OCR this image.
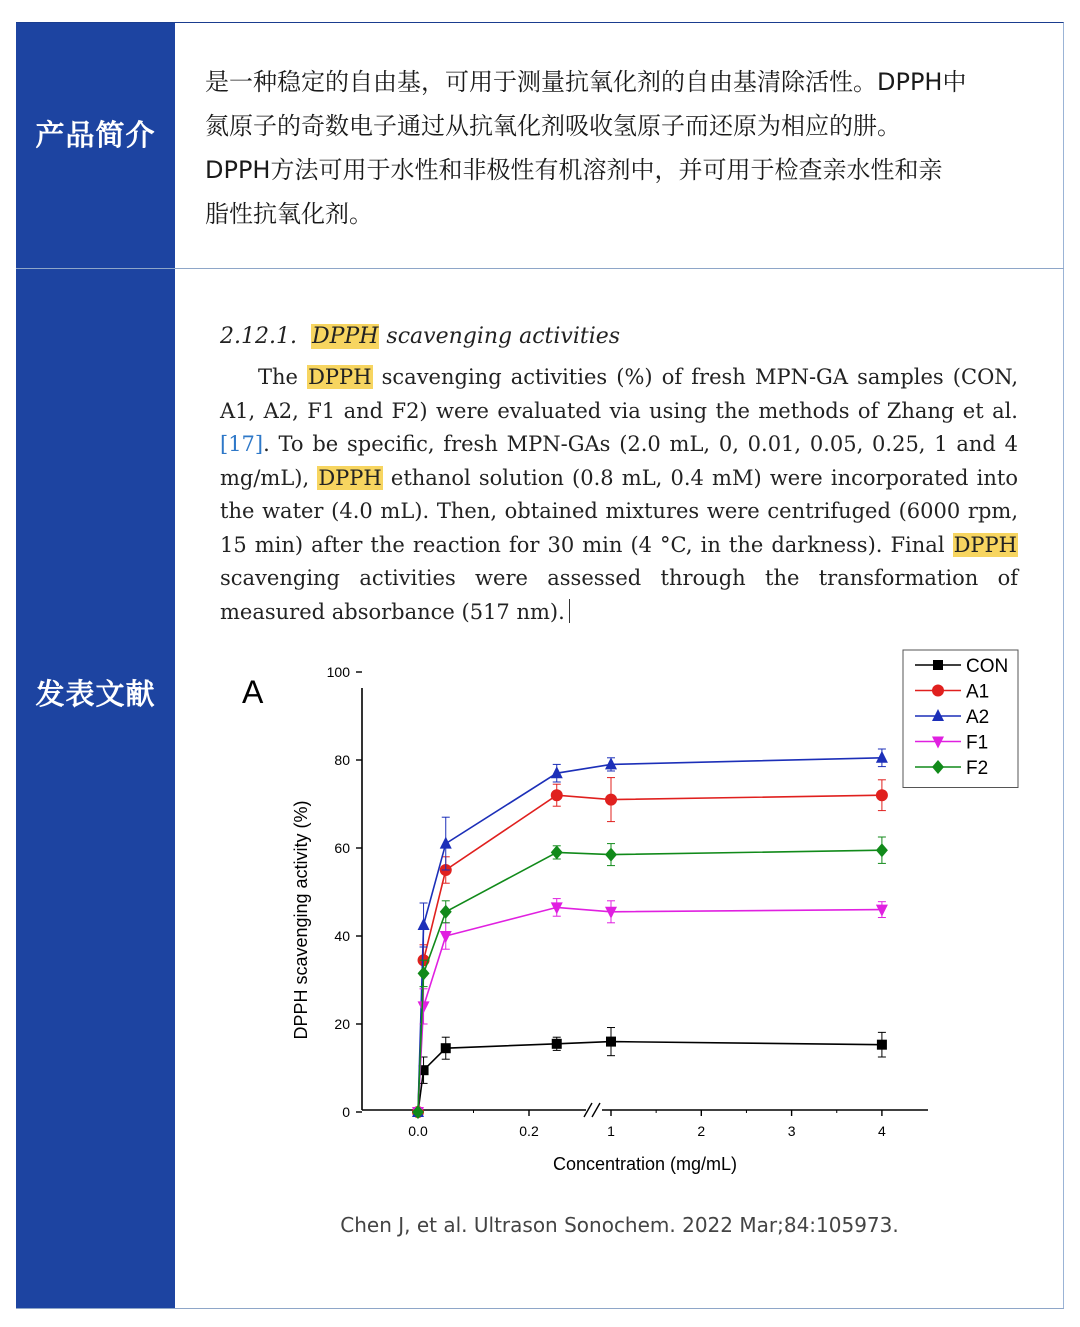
产品简介
是一种稳定的自由基，可用于测量抗氧化剂的自由基清除活性。DPPH中
氮原子的奇数电子通过从抗氧化剂吸收氢原子而还原为相应的肼。
DPPH方法可用于水性和非极性有机溶剂中，并可用于检查亲水性和亲
脂性抗氧化剂。
发表文献

2.12.1. DPPH scavenging activities

The DPPH scavenging activities (%) of fresh MPN-GA samples (CON, A1, A2, F1 and F2) were evaluated via using the methods of Zhang et al. [17]. To be specific, fresh MPN-GAs (2.0 mL, 0, 0.01, 0.05, 0.25, 1 and 4 mg/mL), DPPH ethanol solution (0.8 mL, 0.4 mM) were incorporated into the water (4.0 mL). Then, obtained mixtures were centrifuged (6000 rpm, 15 min) after the reaction for 30 min (4 °C, in the darkness). Final DPPH scavenging activities were assessed through the transformation of measured absorbance (517 nm).

0
20
40
60
80
100
0.0	0.2	1	2	3	4
Concentration (mg/mL)
DPPH scavenging activity (%)
A
CON
A1
A2
F1
F2
Chen J, et al. Ultrason Sonochem. 2022 Mar;84:105973.
